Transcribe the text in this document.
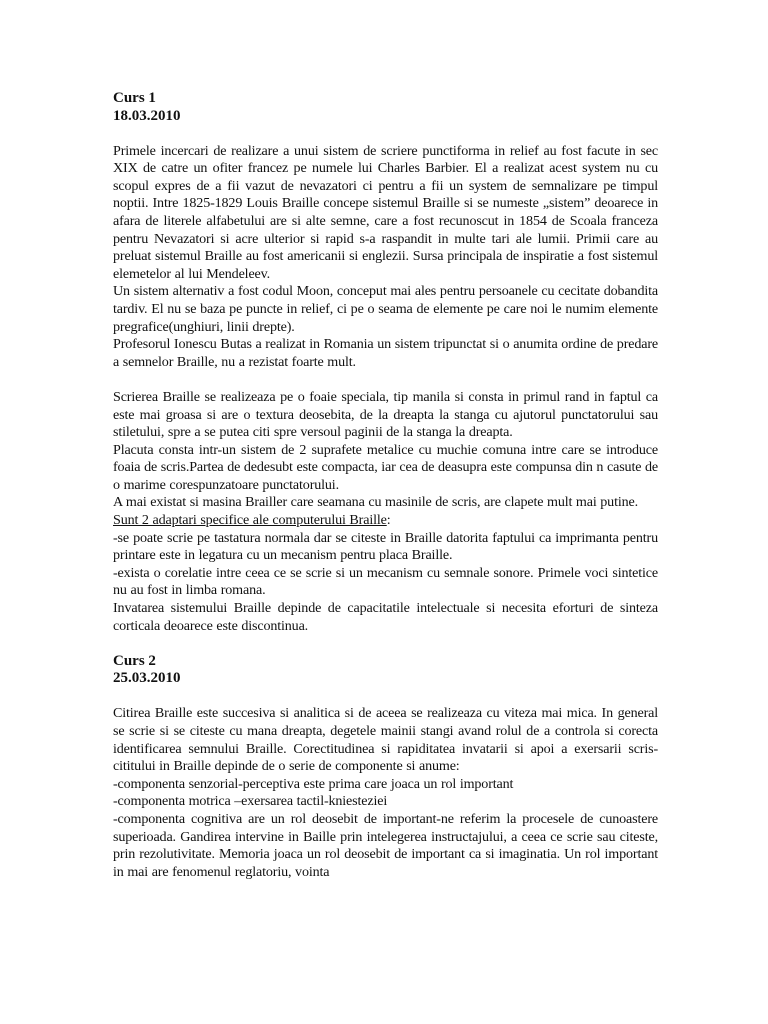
Curs 1
18.03.2010
Primele incercari de realizare a unui sistem de scriere punctiforma in relief au fost facute in sec XIX de catre un ofiter francez pe numele lui Charles Barbier. El a realizat acest system nu cu scopul expres de a fii vazut de nevazatori ci pentru a fii un system de semnalizare pe timpul noptii. Intre 1825-1829 Louis Braille concepe sistemul Braille si se numeste „sistem” deoarece in afara de literele alfabetului are si alte semne, care a fost recunoscut in 1854 de Scoala franceza pentru Nevazatori si acre ulterior si rapid s-a raspandit in multe tari ale lumii. Primii care au preluat sistemul Braille au fost americanii si englezii. Sursa principala de inspiratie a fost sistemul elemetelor al lui Mendeleev.
Un sistem alternativ a fost codul Moon, conceput mai ales pentru persoanele cu cecitate dobandita tardiv. El nu se baza pe puncte in relief, ci pe o seama de elemente pe care noi le numim elemente pregrafice(unghiuri, linii drepte).
Profesorul Ionescu Butas a realizat in Romania un sistem tripunctat si o anumita ordine de predare a semnelor Braille, nu a rezistat foarte mult.
Scrierea Braille se realizeaza pe o foaie speciala, tip manila si consta in primul rand in faptul ca este mai groasa si are o textura deosebita, de la dreapta la stanga cu ajutorul punctatorului sau stiletului, spre a se putea citi spre versoul paginii de la stanga la dreapta.
Placuta consta intr-un sistem de 2 suprafete metalice cu muchie comuna intre care se introduce foaia de scris.Partea de dedesubt este compacta, iar cea de deasupra este compunsa din n casute de o marime corespunzatoare punctatorului.
A mai existat si masina Brailler care seamana cu masinile de scris, are clapete mult mai putine.
Sunt 2 adaptari specifice ale computerului Braille:
-se poate scrie pe tastatura normala dar se citeste in Braille datorita faptului ca imprimanta pentru printare este in legatura cu un mecanism pentru placa Braille.
-exista o corelatie intre ceea ce se scrie si un mecanism cu semnale sonore. Primele voci sintetice nu au fost in limba romana.
Invatarea sistemului Braille depinde de capacitatile intelectuale si necesita eforturi de sinteza corticala deoarece este discontinua.
Curs 2
25.03.2010
Citirea Braille este succesiva si analitica si de aceea se realizeaza cu viteza mai mica. In general se scrie si se citeste cu mana dreapta, degetele mainii stangi avand rolul de a controla si corecta identificarea semnului Braille. Corectitudinea si rapiditatea invatarii si apoi a exersarii scris-cititului in Braille depinde de o serie de componente si anume:
-componenta senzorial-perceptiva este prima care joaca un rol important
-componenta motrica –exersarea tactil-kniesteziei
-componenta cognitiva are un rol deosebit de important-ne referim la procesele de cunoastere superioada. Gandirea intervine in Baille prin intelegerea instructajului, a ceea ce scrie sau citeste, prin rezolutivitate. Memoria joaca un rol deosebit de important ca si imaginatia. Un rol important in mai are fenomenul reglatoriu, vointa
